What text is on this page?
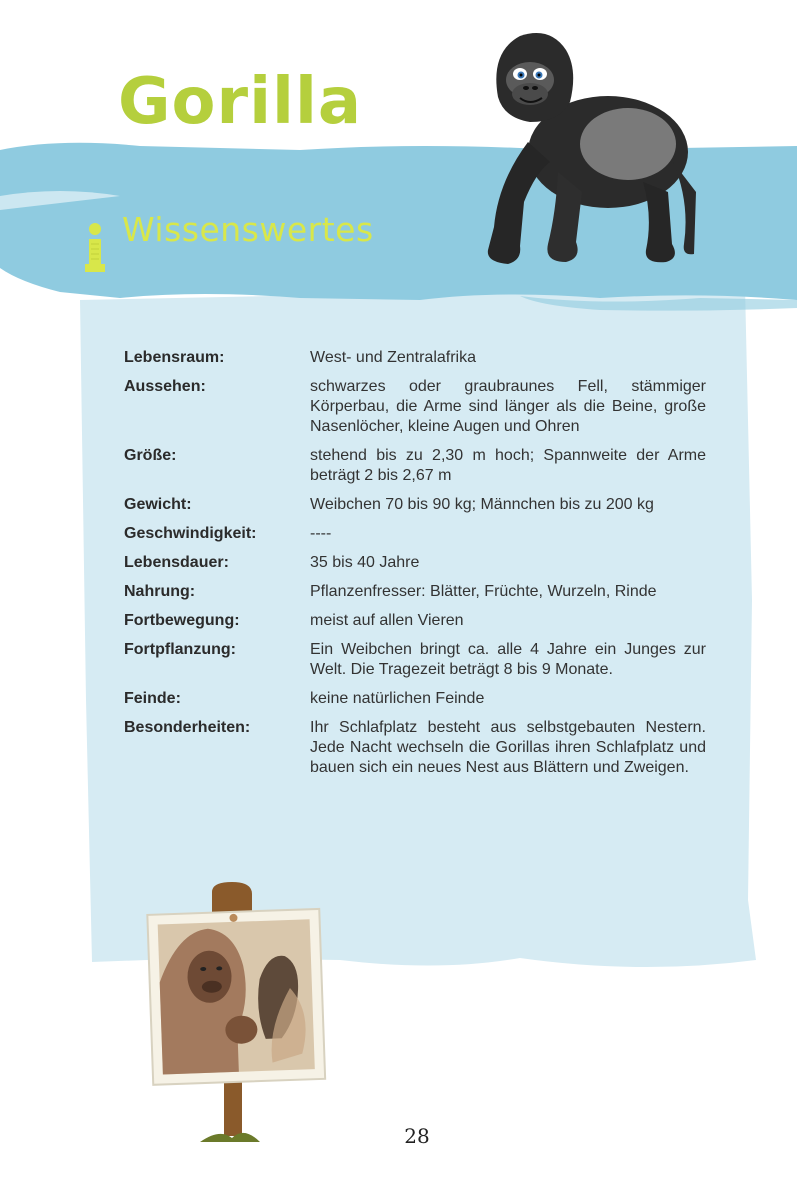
Gorilla
Wissenswertes
Lebensraum:	West- und Zentralafrika
Aussehen:	schwarzes oder graubraunes Fell, stämmiger Körperbau, die Arme sind länger als die Beine, große Nasenlöcher, kleine Augen und Ohren
Größe:	stehend bis zu 2,30 m hoch; Spannweite der Arme beträgt 2 bis 2,67 m
Gewicht:	Weibchen 70 bis 90 kg; Männchen bis zu 200 kg
Geschwindigkeit:	----
Lebensdauer:	35 bis 40 Jahre
Nahrung:	Pflanzenfresser: Blätter, Früchte, Wurzeln, Rinde
Fortbewegung:	meist auf allen Vieren
Fortpflanzung:	Ein Weibchen bringt ca. alle 4 Jahre ein Junges zur Welt. Die Tragezeit beträgt 8 bis 9 Monate.
Feinde:	keine natürlichen Feinde
Besonderheiten:	Ihr Schlafplatz besteht aus selbstgebauten Nestern. Jede Nacht wechseln die Gorillas ihren Schlafplatz und bauen sich ein neues Nest aus Blättern und Zweigen.

28
